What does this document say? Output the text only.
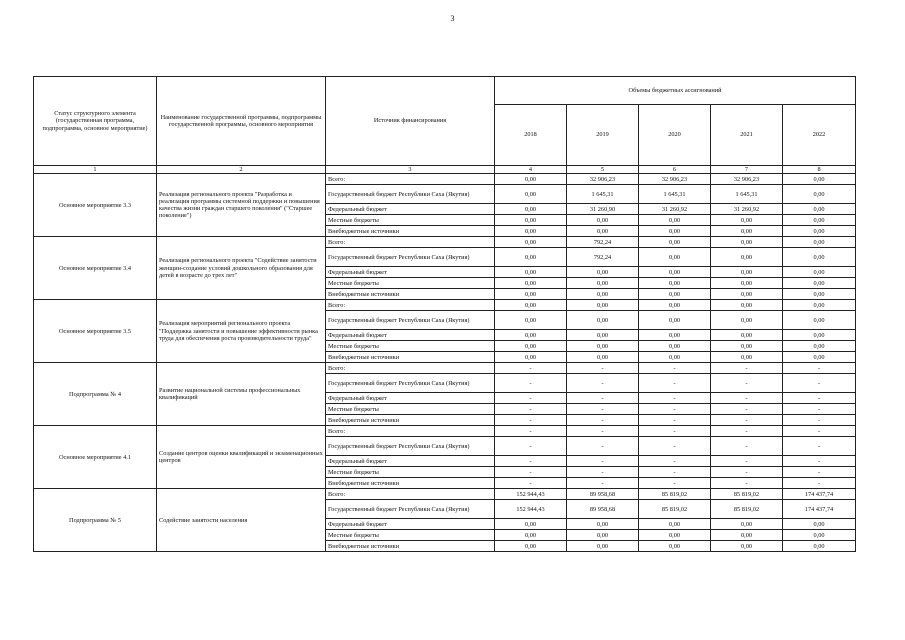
3
Статус структурного элемента (государственная программа, подпрограмма, основное мероприятие)	Наименование государственной программы, подпрограммы государственной программы, основного мероприятия	Источник финансирования	Объемы бюджетных ассигнований				
			2018	2019	2020	2021	2022
1	2	3	4	5	6	7	8
Основное мероприятие 3.3	Реализация регионального проекта "Разработка и реализация программы системной поддержки и повышения качества жизни граждан старшего поколения" ("Старшее поколение")	Всего:	0,00	32 906,23	32 906,23	32 906,23	0,00
		Государственный бюджет Республики Саха (Якутия)	0,00	1 645,31	1 645,31	1 645,31	0,00
		Федеральный бюджет	0,00	31 260,90	31 260,92	31 260,92	0,00
		Местные бюджеты	0,00	0,00	0,00	0,00	0,00
		Внебюджетные источники	0,00	0,00	0,00	0,00	0,00
Основное мероприятие 3.4	Реализация регионального проекта "Содействие занятости женщин-создание условий дошкольного образования для детей в возрасте до трех лет"	Всего:	0,00	792,24	0,00	0,00	0,00
		Государственный бюджет Республики Саха (Якутия)	0,00	792,24	0,00	0,00	0,00
		Федеральный бюджет	0,00	0,00	0,00	0,00	0,00
		Местные бюджеты	0,00	0,00	0,00	0,00	0,00
		Внебюджетные источники	0,00	0,00	0,00	0,00	0,00
Основное мероприятие 3.5	Реализация мероприятий регионального проекта "Поддержка занятости и повышение эффективности рынка труда для обеспечения роста производительности труда"	Всего:	0,00	0,00	0,00	0,00	0,00
		Государственный бюджет Республики Саха (Якутия)	0,00	0,00	0,00	0,00	0,00
		Федеральный бюджет	0,00	0,00	0,00	0,00	0,00
		Местные бюджеты	0,00	0,00	0,00	0,00	0,00
		Внебюджетные источники	0,00	0,00	0,00	0,00	0,00
Подпрограмма № 4	Развитие национальной системы профессиональных квалификаций	Всего:	-	-	-	-	-
		Государственный бюджет Республики Саха (Якутия)	-	-	-	-	-
		Федеральный бюджет	-	-	-	-	-
		Местные бюджеты	-	-	-	-	-
		Внебюджетные источники	-	-	-	-	-
Основное мероприятие 4.1	Создание центров оценки квалификаций и экзаменационных центров	Всего:	-	-	-	-	-
		Государственный бюджет Республики Саха (Якутия)	-	-	-	-	-
		Федеральный бюджет	-	-	-	-	-
		Местные бюджеты	-	-	-	-	-
		Внебюджетные источники	-	-	-	-	-
Подпрограмма № 5	Содействие занятости населения	Всего:	152 944,43	89 958,68	85 819,02	85 819,02	174 437,74
		Государственный бюджет Республики Саха (Якутия)	152 944,43	89 958,68	85 819,02	85 819,02	174 437,74
		Федеральный бюджет	0,00	0,00	0,00	0,00	0,00
		Местные бюджеты	0,00	0,00	0,00	0,00	0,00
		Внебюджетные источники	0,00	0,00	0,00	0,00	0,00
